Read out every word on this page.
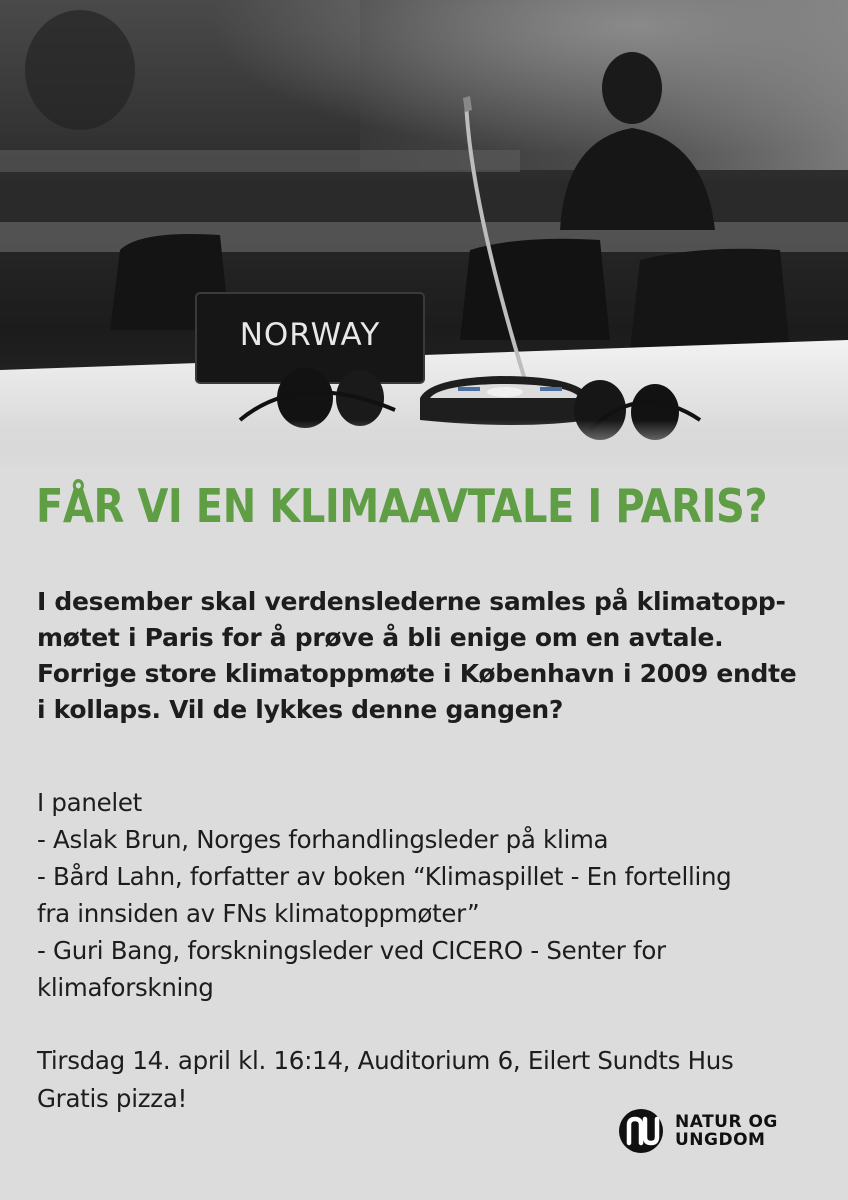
NORWAY
FÅR VI EN KLIMAAVTALE I PARIS?

I desember skal verdenslederne samles på klimatopp-
møtet i Paris for å prøve å bli enige om en avtale.
Forrige store klimatoppmøte i København i 2009 endte
i kollaps. Vil de lykkes denne gangen?

I panelet
- Aslak Brun, Norges forhandlingsleder på klima
- Bård Lahn, forfatter av boken “Klimaspillet - En fortelling
fra innsiden av FNs klimatoppmøter”
- Guri Bang, forskningsleder ved CICERO - Senter for
klimaforskning

Tirsdag 14. april kl. 16:14, Auditorium 6, Eilert Sundts Hus
Gratis pizza!

NATUR OG
UNGDOM
